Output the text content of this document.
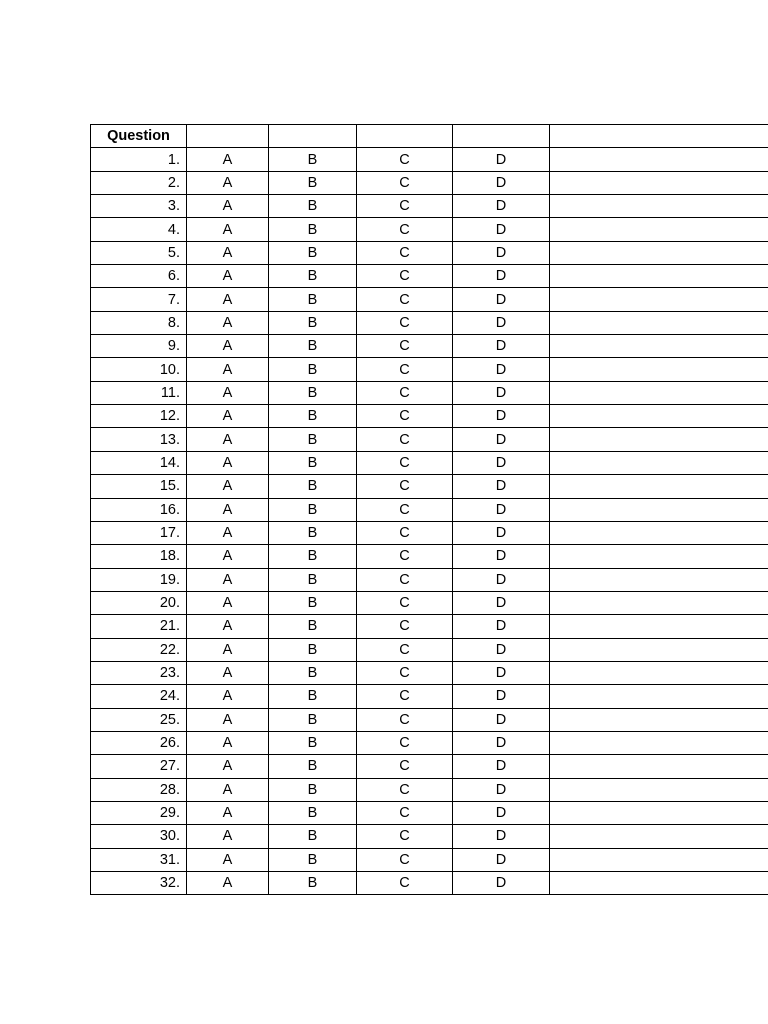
Question					
1.	A	B	C	D	
2.	A	B	C	D	
3.	A	B	C	D	
4.	A	B	C	D	
5.	A	B	C	D	
6.	A	B	C	D	
7.	A	B	C	D	
8.	A	B	C	D	
9.	A	B	C	D	
10.	A	B	C	D	
11.	A	B	C	D	
12.	A	B	C	D	
13.	A	B	C	D	
14.	A	B	C	D	
15.	A	B	C	D	
16.	A	B	C	D	
17.	A	B	C	D	
18.	A	B	C	D	
19.	A	B	C	D	
20.	A	B	C	D	
21.	A	B	C	D	
22.	A	B	C	D	
23.	A	B	C	D	
24.	A	B	C	D	
25.	A	B	C	D	
26.	A	B	C	D	
27.	A	B	C	D	
28.	A	B	C	D	
29.	A	B	C	D	
30.	A	B	C	D	
31.	A	B	C	D	
32.	A	B	C	D	
